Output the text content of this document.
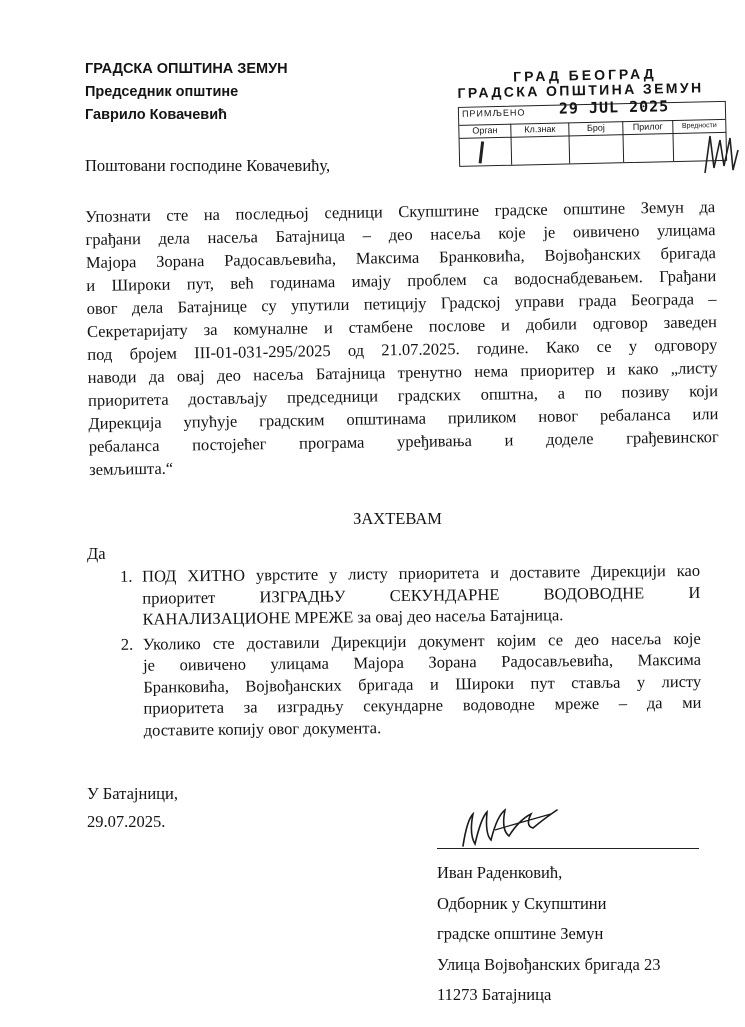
ГРАДСКА ОПШТИНА ЗЕМУН
Председник општине
Гаврило Ковачевић
ГРАД БЕОГРАД
ГРАДСКА ОПШТИНА ЗЕМУН
ПРИМЉЕНО 29 JUL 2025
Орган	Кл.знак	Број	Прилог	Вредности
Поштовани господине Ковачевићу,
Упознати сте на последњој седници Скупштине градске општине Земун да
грађани дела насеља Батајница – део насеља које је оивичено улицама
Мајора Зорана Радосављевића, Максима Бранковића, Војвођанских бригада
и Широки пут, већ годинама имају проблем са водоснабдевањем. Грађани
овог дела Батајнице су упутили петицију Градској управи града Београда –
Секретаријату за комуналне и стамбене послове и добили одговор заведен
под бројем III-01-031-295/2025 од 21.07.2025. године. Како се у одговору
наводи да овај део насеља Батајница тренутно нема приоритер и како „листу
приоритета достављају председници градских општна, а по позиву који
Дирекција упућује градским општинама приликом новог ребаланса или
ребаланса постојећег програма уређивања и доделе грађевинског
земљишта.“
ЗАХТЕВАМ
Да
1. ПОД ХИТНО уврстите у листу приоритета и доставите Дирекцији као
приоритет ИЗГРАДЊУ СЕКУНДАРНЕ ВОДОВОДНЕ И
КАНАЛИЗАЦИОНЕ МРЕЖЕ за овај део насеља Батајница.
2. Уколико сте доставили Дирекцији документ којим се део насеља које
је оивичено улицама Мајора Зорана Радосављевића, Максима
Бранковића, Војвођанских бригада и Широки пут ставља у листу
приоритета за изградњу секундарне водоводне мреже – да ми
доставите копију овог документа.
У Батајници,
29.07.2025.
Иван Раденковић,
Одборник у Скупштини
градске општине Земун
Улица Војвођанских бригада 23
11273 Батајница
